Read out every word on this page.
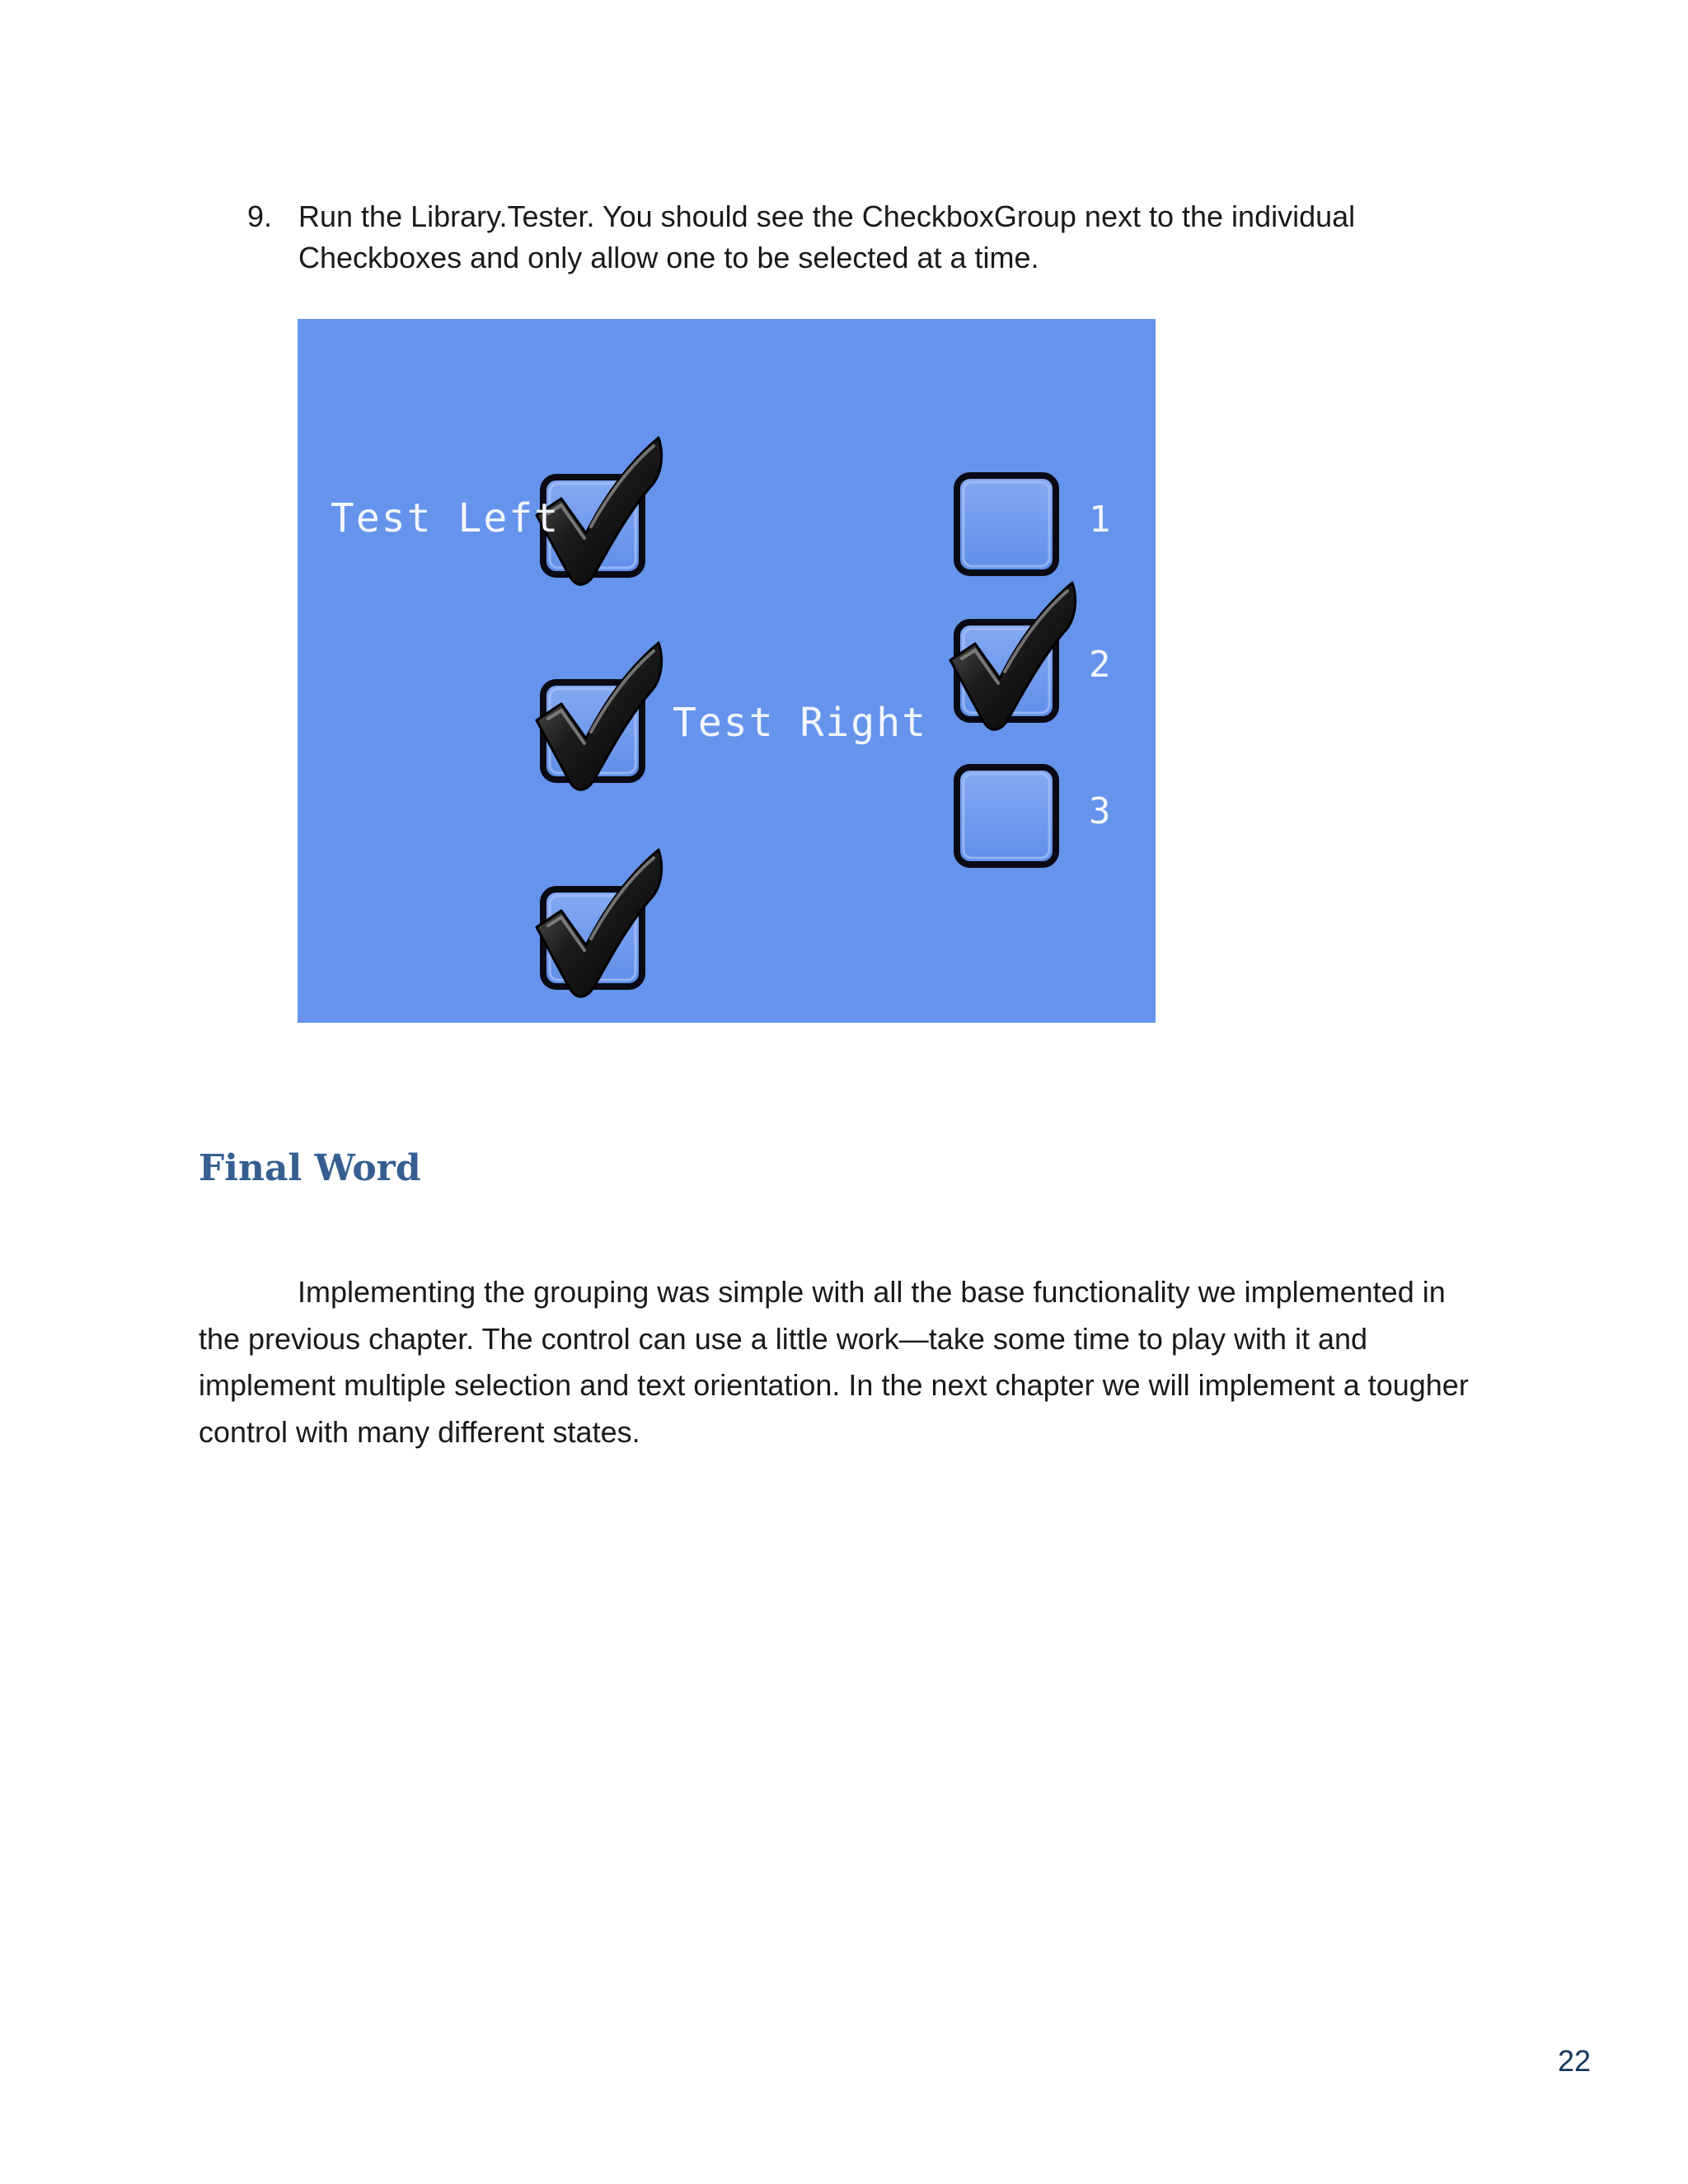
9. Run the Library.Tester. You should see the CheckboxGroup next to the individual Checkboxes and only allow one to be selected at a time.
Test Left
Test Right
1
2
3
Final Word

Implementing the grouping was simple with all the base functionality we implemented in the previous chapter. The control can use a little work—take some time to play with it and implement multiple selection and text orientation. In the next chapter we will implement a tougher control with many different states.

22
